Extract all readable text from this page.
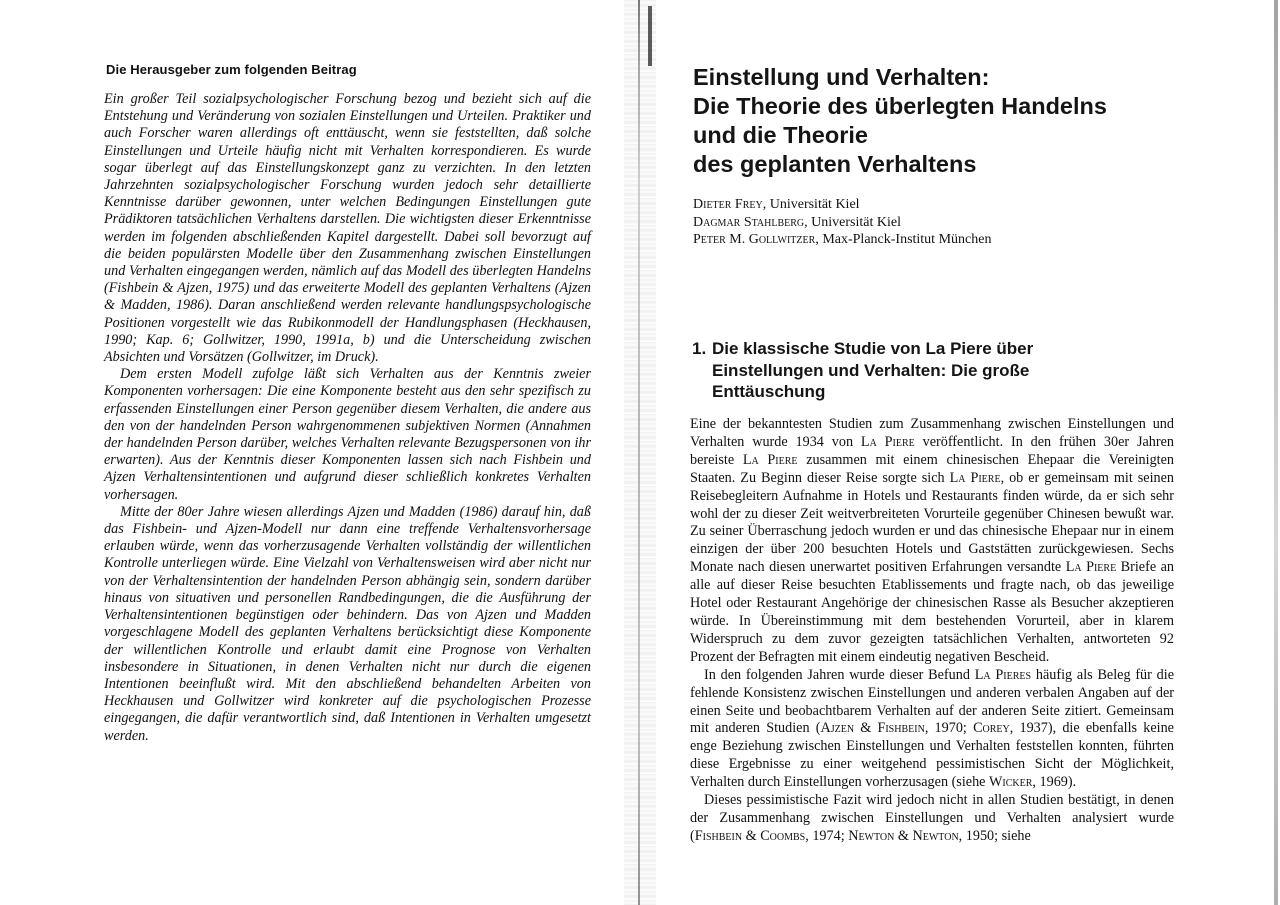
Die Herausgeber zum folgenden Beitrag

Ein großer Teil sozialpsychologischer Forschung bezog und bezieht sich auf die Entstehung und Veränderung von sozialen Einstellungen und Urteilen. Praktiker und auch Forscher waren allerdings oft enttäuscht, wenn sie feststellten, daß solche Einstellungen und Urteile häufig nicht mit Verhalten korrespondieren. Es wurde sogar überlegt auf das Einstellungskonzept ganz zu verzichten. In den letzten Jahrzehnten sozialpsychologischer Forschung wurden jedoch sehr detaillierte Kenntnisse darüber gewonnen, unter welchen Bedingungen Einstellungen gute Prädiktoren tatsächlichen Verhaltens darstellen. Die wichtigsten dieser Erkenntnisse werden im folgenden abschließenden Kapitel dargestellt. Dabei soll bevorzugt auf die beiden populärsten Modelle über den Zusammenhang zwischen Einstellungen und Verhalten eingegangen werden, nämlich auf das Modell des überlegten Handelns (Fishbein & Ajzen, 1975) und das erweiterte Modell des geplanten Verhaltens (Ajzen & Madden, 1986). Daran anschließend werden relevante handlungspsychologische Positionen vorgestellt wie das Rubikonmodell der Handlungsphasen (Heckhausen, 1990; Kap. 6; Gollwitzer, 1990, 1991a, b) und die Unterscheidung zwischen Absichten und Vorsätzen (Gollwitzer, im Druck).

Dem ersten Modell zufolge läßt sich Verhalten aus der Kenntnis zweier Komponenten vorhersagen: Die eine Komponente besteht aus den sehr spezifisch zu erfassenden Einstellungen einer Person gegenüber diesem Verhalten, die andere aus den von der handelnden Person wahrgenommenen subjektiven Normen (Annahmen der handelnden Person darüber, welches Verhalten relevante Bezugspersonen von ihr erwarten). Aus der Kenntnis dieser Komponenten lassen sich nach Fishbein und Ajzen Verhaltensintentionen und aufgrund dieser schließlich konkretes Verhalten vorhersagen.

Mitte der 80er Jahre wiesen allerdings Ajzen und Madden (1986) darauf hin, daß das Fishbein- und Ajzen-Modell nur dann eine treffende Verhaltensvorhersage erlauben würde, wenn das vorherzusagende Verhalten vollständig der willentlichen Kontrolle unterliegen würde. Eine Vielzahl von Verhaltensweisen wird aber nicht nur von der Verhaltensintention der handelnden Person abhängig sein, sondern darüber hinaus von situativen und personellen Randbedingungen, die die Ausführung der Verhaltensintentionen begünstigen oder behindern. Das von Ajzen und Madden vorgeschlagene Modell des geplanten Verhaltens berücksichtigt diese Komponente der willentlichen Kontrolle und erlaubt damit eine Prognose von Verhalten insbesondere in Situationen, in denen Verhalten nicht nur durch die eigenen Intentionen beeinflußt wird. Mit den abschließend behandelten Arbeiten von Heckhausen und Gollwitzer wird konkreter auf die psychologischen Prozesse eingegangen, die dafür verantwortlich sind, daß Intentionen in Verhalten umgesetzt werden.

Einstellung und Verhalten:
Die Theorie des überlegten Handelns
und die Theorie
des geplanten Verhaltens
Dieter Frey, Universität Kiel
Dagmar Stahlberg, Universität Kiel
Peter M. Gollwitzer, Max-Planck-Institut München
1. Die klassische Studie von La Piere über
Einstellungen und Verhalten: Die große
Enttäuschung

Eine der bekanntesten Studien zum Zusammenhang zwischen Einstellungen und Verhalten wurde 1934 von La Piere veröffentlicht. In den frühen 30er Jahren bereiste La Piere zusammen mit einem chinesischen Ehepaar die Vereinigten Staaten. Zu Beginn dieser Reise sorgte sich La Piere, ob er gemeinsam mit seinen Reisebegleitern Aufnahme in Hotels und Restaurants finden würde, da er sich sehr wohl der zu dieser Zeit weitverbreiteten Vorurteile gegenüber Chinesen bewußt war. Zu seiner Überraschung jedoch wurden er und das chinesische Ehepaar nur in einem einzigen der über 200 besuchten Hotels und Gaststätten zurückgewiesen. Sechs Monate nach diesen unerwartet positiven Erfahrungen versandte La Piere Briefe an alle auf dieser Reise besuchten Etablissements und fragte nach, ob das jeweilige Hotel oder Restaurant Angehörige der chinesischen Rasse als Besucher akzeptieren würde. In Übereinstimmung mit dem bestehenden Vorurteil, aber in klarem Widerspruch zu dem zuvor gezeigten tatsächlichen Verhalten, antworteten 92 Prozent der Befragten mit einem eindeutig negativen Bescheid.

In den folgenden Jahren wurde dieser Befund La Pieres häufig als Beleg für die fehlende Konsistenz zwischen Einstellungen und anderen verbalen Angaben auf der einen Seite und beobachtbarem Verhalten auf der anderen Seite zitiert. Gemeinsam mit anderen Studien (Ajzen & Fishbein, 1970; Corey, 1937), die ebenfalls keine enge Beziehung zwischen Einstellungen und Verhalten feststellen konnten, führten diese Ergebnisse zu einer weitgehend pessimistischen Sicht der Möglichkeit, Verhalten durch Einstellungen vorherzusagen (siehe Wicker, 1969).

Dieses pessimistische Fazit wird jedoch nicht in allen Studien bestätigt, in denen der Zusammenhang zwischen Einstellungen und Verhalten analysiert wurde (Fishbein & Coombs, 1974; Newton & Newton, 1950; siehe
